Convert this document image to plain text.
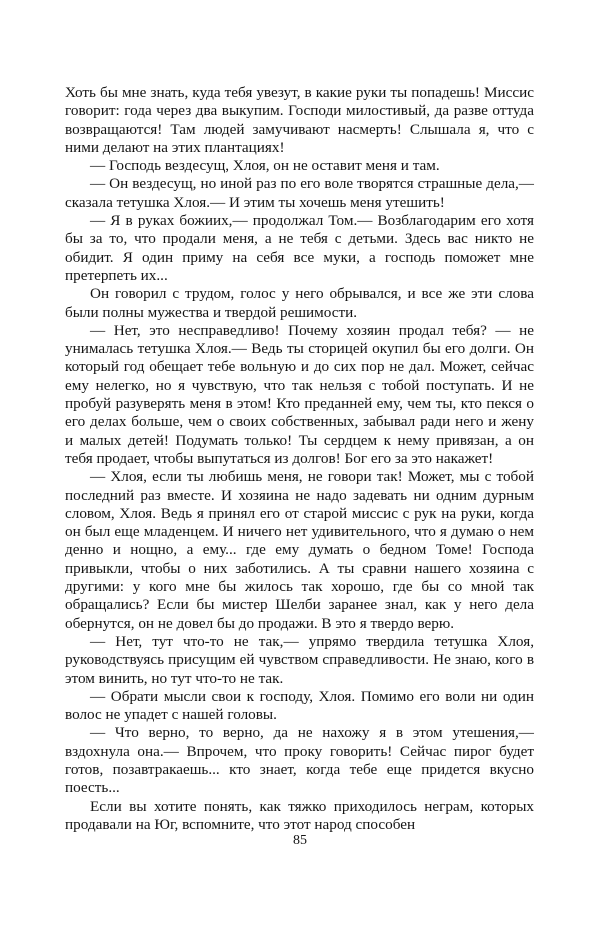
Хоть бы мне знать, куда тебя увезут, в какие руки ты попадешь! Миссис говорит: года через два выкупим. Господи милостивый, да разве оттуда возвращаются! Там людей замучивают насмерть! Слышала я, что с ними делают на этих плантациях!

— Господь вездесущ, Хлоя, он не оставит меня и там.

— Он вездесущ, но иной раз по его воле творятся страшные дела,— сказала тетушка Хлоя.— И этим ты хочешь меня утешить!

— Я в руках божиих,— продолжал Том.— Возблагодарим его хотя бы за то, что продали меня, а не тебя с детьми. Здесь вас никто не обидит. Я один приму на себя все муки, а господь поможет мне претерпеть их...

Он говорил с трудом, голос у него обрывался, и все же эти слова были полны мужества и твердой решимости.

— Нет, это несправедливо! Почему хозяин продал тебя? — не унималась тетушка Хлоя.— Ведь ты сторицей окупил бы его долги. Он который год обещает тебе вольную и до сих пор не дал. Может, сейчас ему нелегко, но я чувствую, что так нельзя с тобой поступать. И не пробуй разуверять меня в этом! Кто преданней ему, чем ты, кто пекся о его делах больше, чем о своих собственных, забывал ради него и жену и малых детей! Подумать только! Ты сердцем к нему привязан, а он тебя продает, чтобы выпутаться из долгов! Бог его за это накажет!

— Хлоя, если ты любишь меня, не говори так! Может, мы с тобой последний раз вместе. И хозяина не надо задевать ни одним дурным словом, Хлоя. Ведь я принял его от старой миссис с рук на руки, когда он был еще младенцем. И ничего нет удивительного, что я думаю о нем денно и нощно, а ему... где ему думать о бедном Томе! Господа привыкли, чтобы о них заботились. А ты сравни нашего хозяина с другими: у кого мне бы жилось так хорошо, где бы со мной так обращались? Если бы мистер Шелби заранее знал, как у него дела обернутся, он не довел бы до продажи. В это я твердо верю.

— Нет, тут что-то не так,— упрямо твердила тетушка Хлоя, руководствуясь присущим ей чувством справедливости. Не знаю, кого в этом винить, но тут что-то не так.

— Обрати мысли свои к господу, Хлоя. Помимо его воли ни один волос не упадет с нашей головы.

— Что верно, то верно, да не нахожу я в этом утешения,— вздохнула она.— Впрочем, что проку говорить! Сейчас пирог будет готов, позавтракаешь... кто знает, когда тебе еще придется вкусно поесть...

Если вы хотите понять, как тяжко приходилось неграм, которых продавали на Юг, вспомните, что этот народ способен

85
